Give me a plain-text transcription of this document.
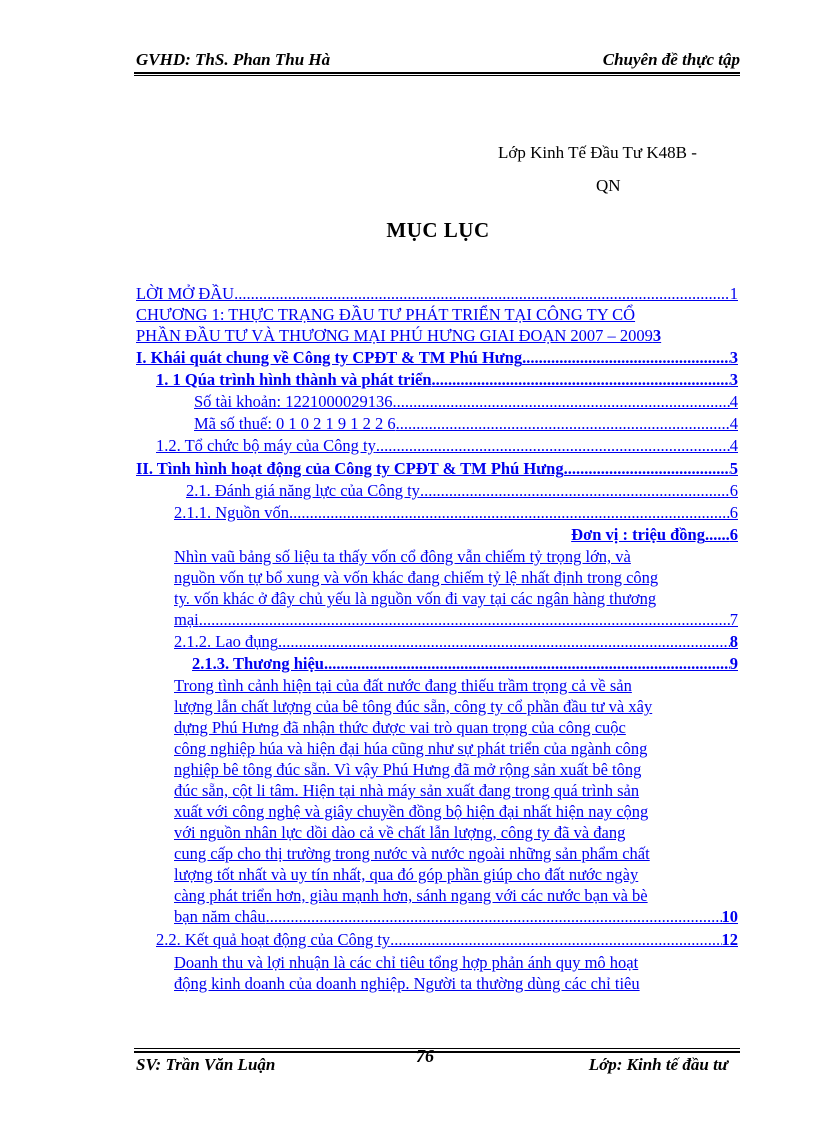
GVHD: ThS. Phan Thu Hà	Chuyên đề thực tập
Lớp Kinh Tế Đầu Tư K48B -
QN
MỤC LỤC
LỜI MỞ ĐẦU .....	1
CHƯƠNG 1: THỰC TRẠNG ĐẦU TƯ PHÁT TRIỂN TẠI CÔNG TY CỔ
PHẦN ĐẦU TƯ VÀ THƯƠNG MẠI PHÚ HƯNG GIAI ĐOẠN 2007 – 2009 3
I. Khái quát chung về Công ty CPĐT & TM Phú Hưng .....	3
1. 1 Qúa trình hình thành và phát triển .....	3
Số tài khoản: 1221000029136 .....	4
Mã số thuế: 0 1 0 2 1 9 1 2 2 6 .....	4
1.2. Tổ chức bộ máy của Công ty .....	4
II. Tình hình hoạt động của Công ty CPĐT & TM Phú Hưng .....	5
2.1. Đánh giá năng lực của Công ty .....	6
2.1.1. Nguồn vốn .....	6
Đơn vị : triệu đồng......6
Nhìn vaũ bảng số liệu ta thấy vốn cổ đông vẫn chiếm tỷ trọng lớn, và
nguồn vốn tự bổ xung và vốn khác đang chiếm tỷ lệ nhất định trong công
ty. vốn khác ở đây chủ yếu là nguồn vốn đi vay tại các ngân hàng thương
mại .....	7
2.1.2. Lao đụng .....	8
2.1.3. Thương hiệu .....	9
Trong tình cảnh hiện tại của đất nước đang thiếu trầm trọng cả về sản
lượng lẫn chất lượng của bê tông đúc sẵn, công ty cổ phần đầu tư và xây
dựng Phú Hưng đã nhận thức được vai trò quan trọng của công cuộc
công nghiệp húa và hiện đại húa cũng như sự phát triển của ngành công
nghiệp bê tông đúc sẵn. Vì vậy Phú Hưng đã mở rộng sản xuất bê tông
đúc sẵn, cột li tâm. Hiện tại nhà máy sản xuất đang trong quá trình sản
xuất với công nghệ và giây chuyền đồng bộ hiện đại nhất hiện nay cộng
với nguồn nhân lực dồi dào cả về chất lẫn lượng, công ty đã và đang
cung cấp cho thị trường trong nước và nước ngoài những sản phẩm chất
lượng tốt nhất và uy tín nhất, qua đó góp phần giúp cho đất nước ngày
càng phát triển hơn, giàu mạnh hơn, sánh ngang với các nước bạn và bè
bạn năm châu .....	10
2.2. Kết quả hoạt động của Công ty .....	12
Doanh thu và lợi nhuận là các chỉ tiêu tổng hợp phản ánh quy mô hoạt
động kinh doanh của doanh nghiệp. Người ta thường dùng các chỉ tiêu
76
SV: Trần Văn Luận	Lớp: Kinh tế đầu tư
